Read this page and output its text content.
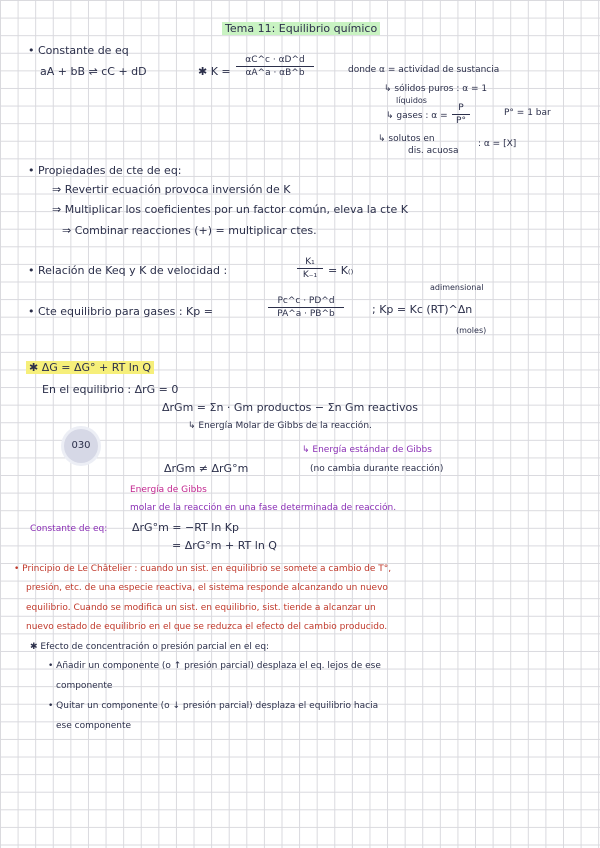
Tema 11: Equilibrio químico
• Constante de eq
aA + bB ⇌ cC + dD	✱ K =
αC^c · αD^d
αA^a · αB^b	donde α = actividad de sustancia
↳ sólidos puros : α = 1
líquidos
↳ gases : α =
P
P°
P° = 1 bar
↳ solutos en
dis. acuosa
: α = [X]
• Propiedades de cte de eq:
⇒ Revertir ecuación provoca inversión de K
⇒ Multiplicar los coeficientes por un factor común, eleva la cte K
⇒ Combinar reacciones (+) = multiplicar ctes.
• Relación de Keq y K de velocidad :
K₁
K₋₁ = K₍₎
adimensional
• Cte equilibrio para gases : Kp =
Pc^c · PD^d
PA^a · PB^b	; Kp = Kc (RT)^Δn
(moles)
✱ ΔG = ΔG° + RT ln Q
En el equilibrio : ΔrG = 0
ΔrGm = Σn · Gm productos − Σn Gm reactivos
↳ Energía Molar de Gibbs de la reacción.
030	↳ Energía estándar de Gibbs
ΔrGm ≠ ΔrG°m	(no cambia durante reacción)
Energía de Gibbs
molar de la reacción en una fase determinada de reacción.
Constante de eq: ΔrG°m = −RT ln Kp
= ΔrG°m + RT ln Q
• Principio de Le Châtelier : cuando un sist. en equilibrio se somete a cambio de T°,
presión, etc. de una especie reactiva, el sistema responde alcanzando un nuevo
equilibrio. Cuando se modifica un sist. en equilibrio, sist. tiende a alcanzar un
nuevo estado de equilibrio en el que se reduzca el efecto del cambio producido.
✱ Efecto de concentración o presión parcial en el eq:
• Añadir un componente (o ↑ presión parcial) desplaza el eq. lejos de ese
componente
• Quitar un componente (o ↓ presión parcial) desplaza el equilibrio hacia
ese componente
